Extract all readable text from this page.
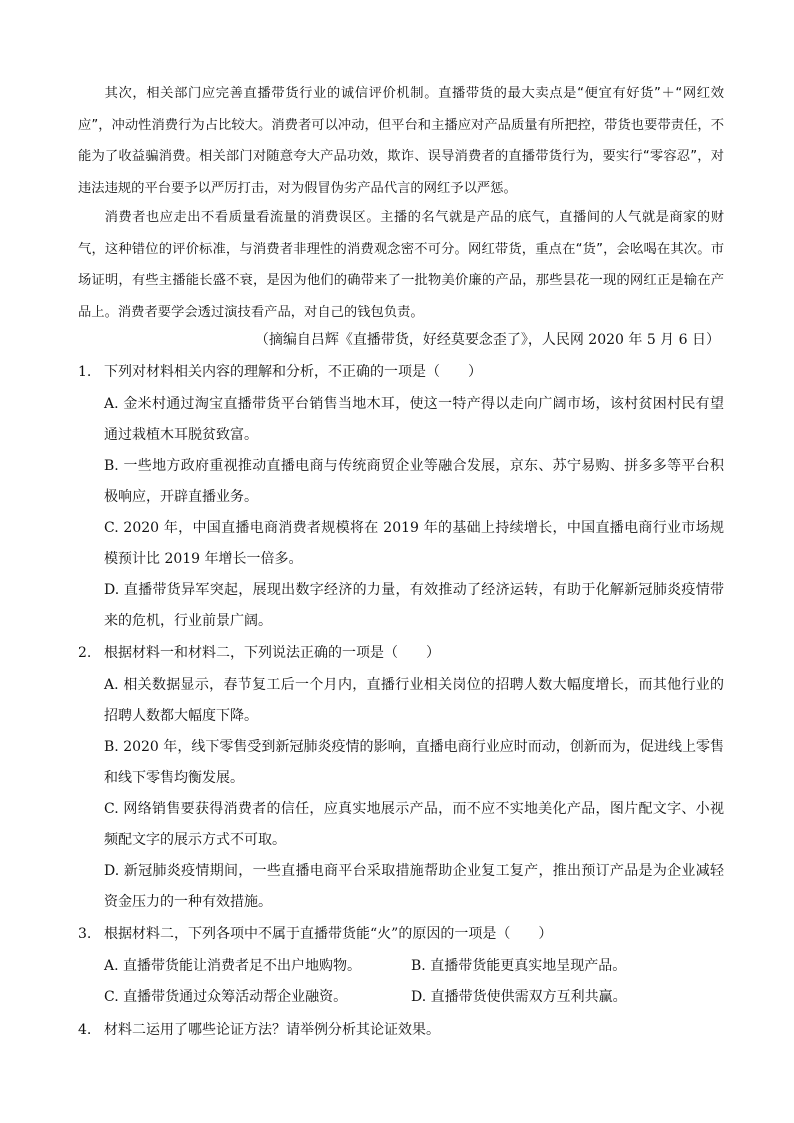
其次，相关部门应完善直播带货行业的诚信评价机制。直播带货的最大卖点是“便宜有好货”＋“网红效应”，冲动性消费行为占比较大。消费者可以冲动，但平台和主播应对产品质量有所把控，带货也要带责任，不能为了收益骗消费。相关部门对随意夸大产品功效，欺诈、误导消费者的直播带货行为，要实行“零容忍”，对违法违规的平台要予以严厉打击，对为假冒伪劣产品代言的网红予以严惩。

消费者也应走出不看质量看流量的消费误区。主播的名气就是产品的底气，直播间的人气就是商家的财气，这种错位的评价标准，与消费者非理性的消费观念密不可分。网红带货，重点在“货”，会吆喝在其次。市场证明，有些主播能长盛不衰，是因为他们的确带来了一批物美价廉的产品，那些昙花一现的网红正是输在产品上。消费者要学会透过演技看产品，对自己的钱包负责。

（摘编自吕辉《直播带货，好经莫要念歪了》，人民网 2020 年 5 月 6 日）

1. 下列对材料相关内容的理解和分析，不正确的一项是（　　）

A. 金米村通过淘宝直播带货平台销售当地木耳，使这一特产得以走向广阔市场，该村贫困村民有望通过栽植木耳脱贫致富。

B. 一些地方政府重视推动直播电商与传统商贸企业等融合发展，京东、苏宁易购、拼多多等平台积极响应，开辟直播业务。

C. 2020 年，中国直播电商消费者规模将在 2019 年的基础上持续增长，中国直播电商行业市场规模预计比 2019 年增长一倍多。

D. 直播带货异军突起，展现出数字经济的力量，有效推动了经济运转，有助于化解新冠肺炎疫情带来的危机，行业前景广阔。

2. 根据材料一和材料二，下列说法正确的一项是（　　）

A. 相关数据显示，春节复工后一个月内，直播行业相关岗位的招聘人数大幅度增长，而其他行业的招聘人数都大幅度下降。

B. 2020 年，线下零售受到新冠肺炎疫情的影响，直播电商行业应时而动，创新而为，促进线上零售和线下零售均衡发展。

C. 网络销售要获得消费者的信任，应真实地展示产品，而不应不实地美化产品，图片配文字、小视频配文字的展示方式不可取。

D. 新冠肺炎疫情期间，一些直播电商平台采取措施帮助企业复工复产，推出预订产品是为企业减轻资金压力的一种有效措施。

3. 根据材料二，下列各项中不属于直播带货能“火”的原因的一项是（　　）

A. 直播带货能让消费者足不出户地购物。	B. 直播带货能更真实地呈现产品。
C. 直播带货通过众筹活动帮企业融资。	D. 直播带货使供需双方互利共赢。

4. 材料二运用了哪些论证方法？请举例分析其论证效果。
